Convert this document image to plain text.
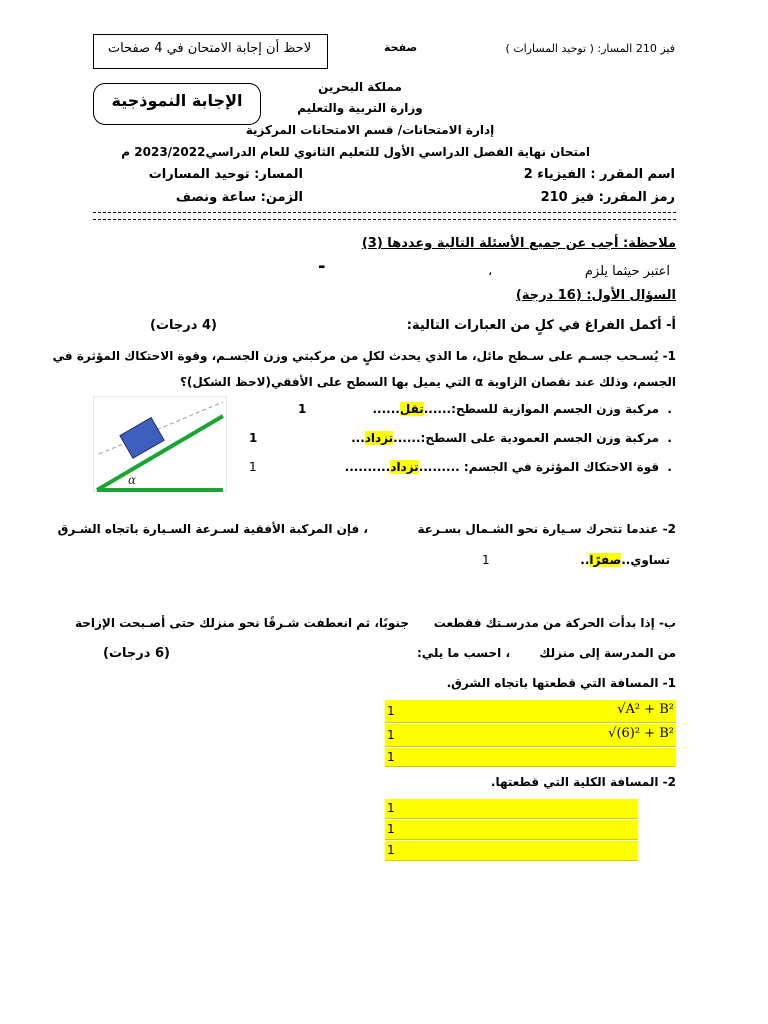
لاحظ أن إجابة الامتحان في 4 صفحات	صفحة	فيز 210 المسار: ( توحيد المسارات )
الإجابة النموذجية
مملكة البحرين
وزارة التربية والتعليم
إدارة الامتحانات/ قسم الامتحانات المركزية
امتحان نهاية الفصل الدراسي الأول للتعليم الثانوي للعام الدراسي2023/2022 م
اسم المقرر : الفيزياء 2
المسار: توحيد المسارات
رمز المقرر: فيز 210
الزمن: ساعة ونصف
ملاحظة: أجب عن جميع الأسئلة التالية وعددها (3)
اعتبر حيثما يلزم
،
-
السؤال الأول: (16 درجة)
أ- أكمل الفراغ في كلٍ من العبارات التالية:
(4 درجات)
1- يُسـحب جسـم على سـطح مائل، ما الذي يحدث لكلٍ من مركبتي وزن الجسـم، وقوة الاحتكاك المؤثرة في
الجسم، وذلك عند نقصان الزاوية α التي يميل بها السطح على الأفقي(لاحظ الشكل)؟
α
.  مركبة وزن الجسم الموازية للسطح:......تقل......
1
.  مركبة وزن الجسم العمودية على السطح:......تزداد...
1
.  قوة الاحتكاك المؤثرة في الجسم: .........تزداد..........
1
2- عندما تتحرك سـيارة نحو الشـمال بسـرعة
، فإن المركبة الأفقية لسـرعة السـيارة باتجاه الشـرق
تساوي..صفرًا..
1
ب- إذا بدأت الحركة من مدرسـتك فقطعت
جنوبًا، ثم انعطفت شـرقًا نحو منزلك حتى أصـبحت الإزاحة
من المدرسة إلى منزلك
، احسب ما يلي:
(6 درجات)
1- المسافة التي قطعتها باتجاه الشرق.
1	√A² + B²
1	√(6)² + B²
1
2- المسافة الكلية التي قطعتها.
1
1
1
